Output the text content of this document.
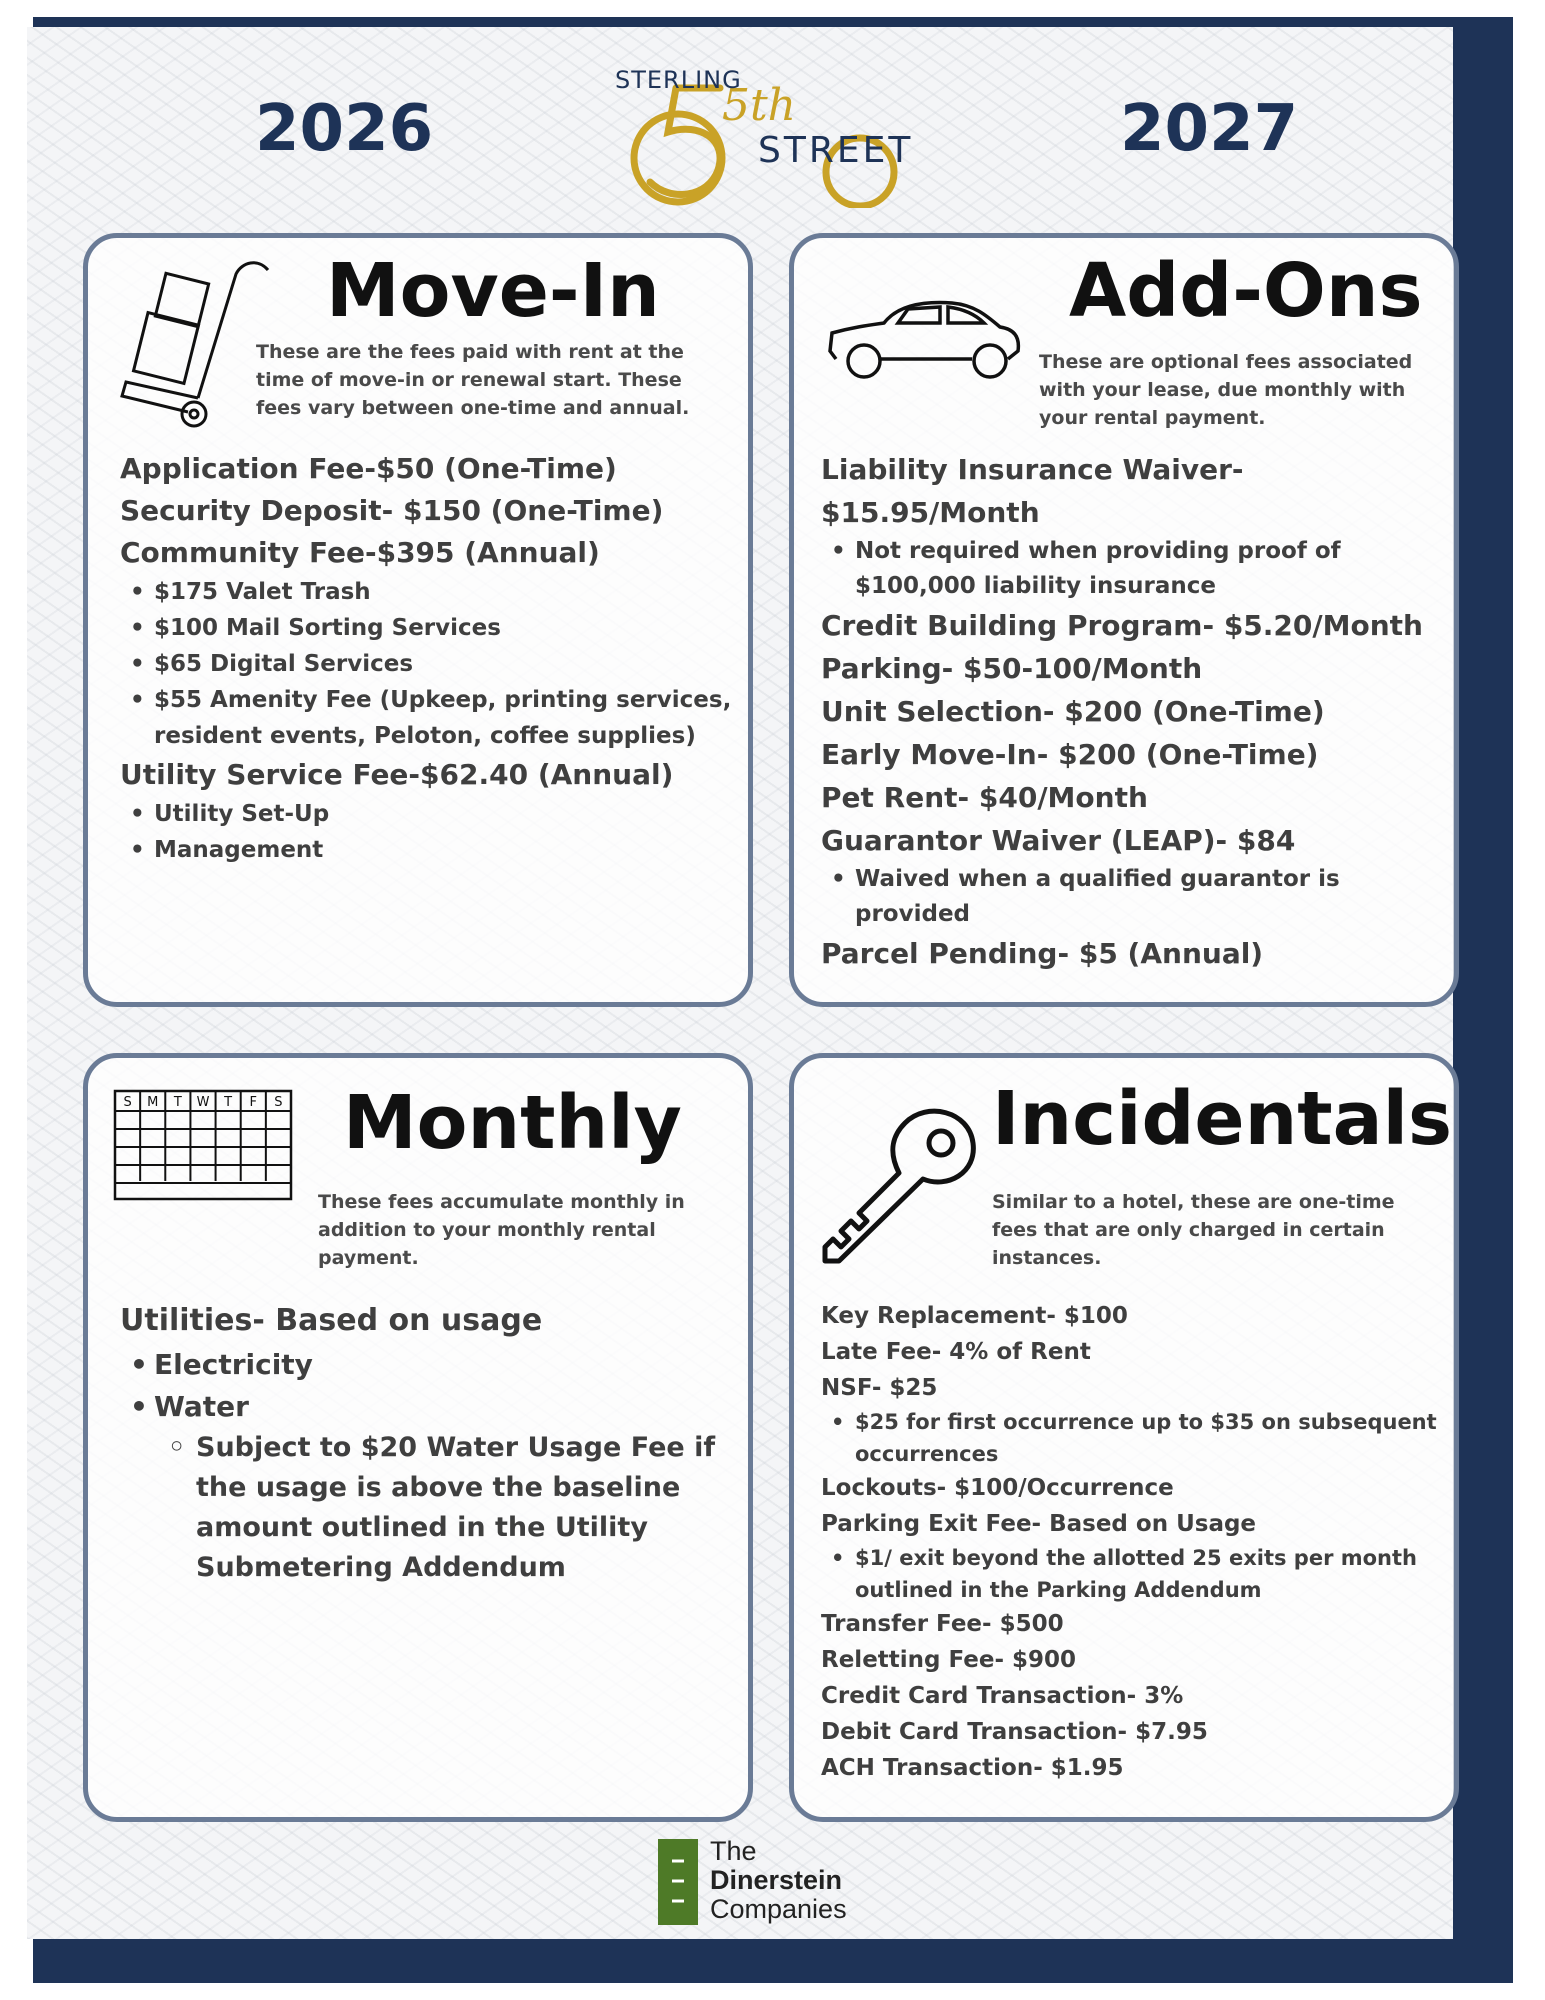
2026	2027
5th
STERLING
STREET
Move-In

These are the fees paid with rent at the time of move-in or renewal start. These fees vary between one-time and annual.

Application Fee-$50 (One-Time)
Security Deposit- $150 (One-Time)
Community Fee-$395 (Annual)
• $175 Valet Trash
• $100 Mail Sorting Services
• $65 Digital Services
• $55 Amenity Fee (Upkeep, printing services, resident events, Peloton, coffee supplies)
Utility Service Fee-$62.40 (Annual)
• Utility Set-Up
• Management
Add-Ons

These are optional fees associated with your lease, due monthly with your rental payment.

Liability Insurance Waiver- $15.95/Month
• Not required when providing proof of $100,000 liability insurance
Credit Building Program- $5.20/Month
Parking- $50-100/Month
Unit Selection- $200 (One-Time)
Early Move-In- $200 (One-Time)
Pet Rent- $40/Month
Guarantor Waiver (LEAP)- $84
• Waived when a qualified guarantor is provided
Parcel Pending- $5 (Annual)
S M T W T F S Monthly

These fees accumulate monthly in addition to your monthly rental payment.

Utilities- Based on usage
• Electricity
• Water
◦ Subject to $20 Water Usage Fee if the usage is above the baseline amount outlined in the Utility Submetering Addendum
Incidentals

Similar to a hotel, these are one-time fees that are only charged in certain instances.

Key Replacement- $100
Late Fee- 4% of Rent
NSF- $25
• $25 for first occurrence up to $35 on subsequent occurrences
Lockouts- $100/Occurrence
Parking Exit Fee- Based on Usage
• $1/ exit beyond the allotted 25 exits per month outlined in the Parking Addendum
Transfer Fee- $500
Reletting Fee- $900
Credit Card Transaction- 3%
Debit Card Transaction- $7.95
ACH Transaction- $1.95
The
Dinerstein
Companies
